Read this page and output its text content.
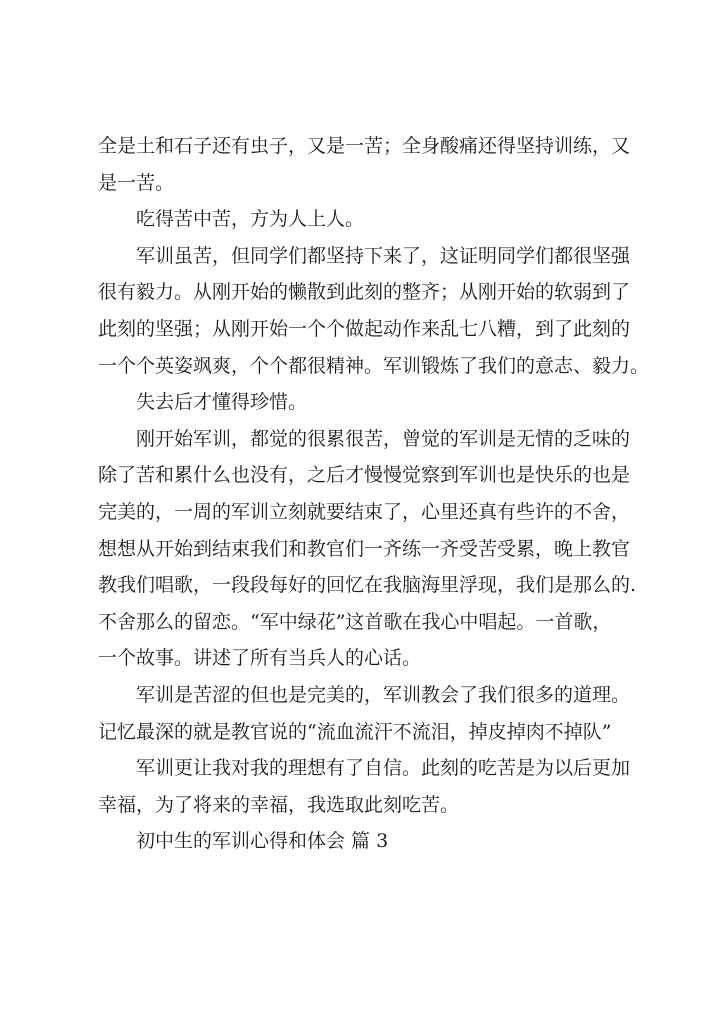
全是土和石子还有虫子，又是一苦；全身酸痛还得坚持训练，又

是一苦。

吃得苦中苦，方为人上人。

军训虽苦，但同学们都坚持下来了，这证明同学们都很坚强

很有毅力。从刚开始的懒散到此刻的整齐；从刚开始的软弱到了

此刻的坚强；从刚开始一个个做起动作来乱七八糟，到了此刻的

一个个英姿飒爽，个个都很精神。军训锻炼了我们的意志、毅力。

失去后才懂得珍惜。

刚开始军训，都觉的很累很苦，曾觉的军训是无情的乏味的

除了苦和累什么也没有，之后才慢慢觉察到军训也是快乐的也是

完美的，一周的军训立刻就要结束了，心里还真有些许的不舍，

想想从开始到结束我们和教官们一齐练一齐受苦受累，晚上教官

教我们唱歌，一段段每好的回忆在我脑海里浮现，我们是那么的.

不舍那么的留恋。“军中绿花”这首歌在我心中唱起。一首歌，

一个故事。讲述了所有当兵人的心话。

军训是苦涩的但也是完美的，军训教会了我们很多的道理。

记忆最深的就是教官说的“流血流汗不流泪，掉皮掉肉不掉队”

军训更让我对我的理想有了自信。此刻的吃苦是为以后更加

幸福，为了将来的幸福，我选取此刻吃苦。

初中生的军训心得和体会 篇 3
